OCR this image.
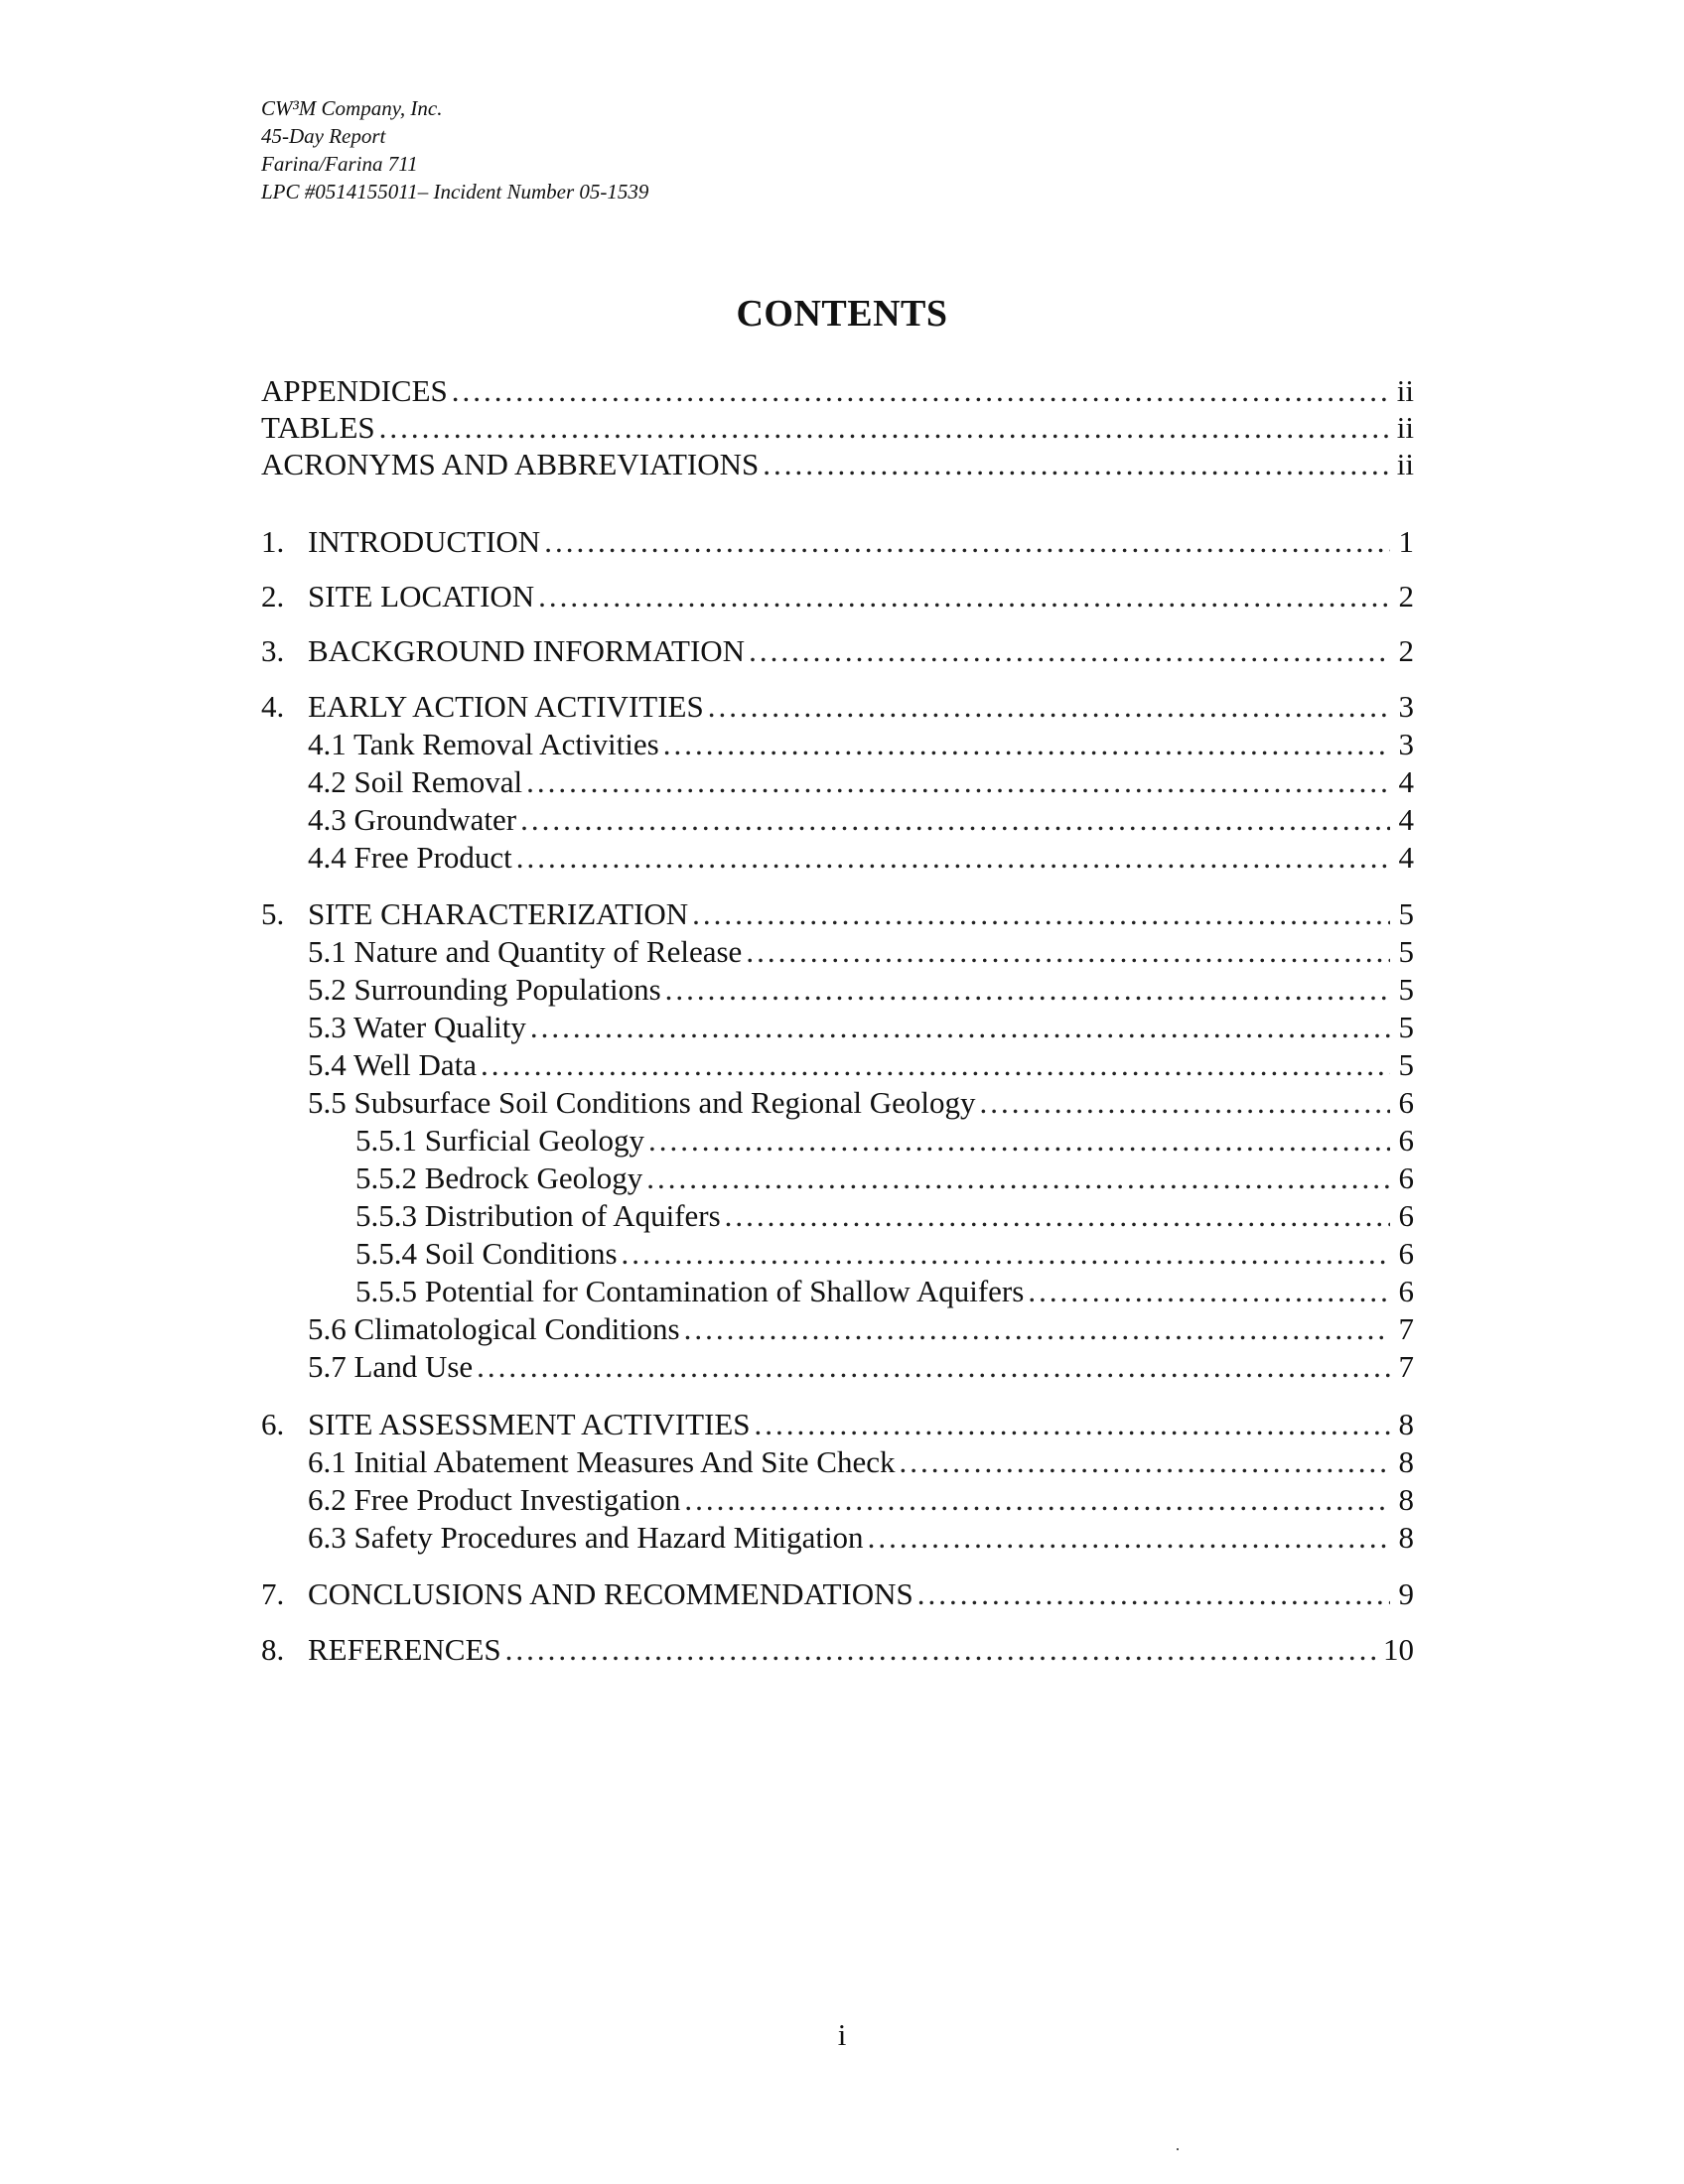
CW³M Company, Inc.
45-Day Report
Farina/Farina 711
LPC #0514155011– Incident Number 05-1539
CONTENTS
APPENDICES .....	ii
TABLES .....	ii
ACRONYMS AND ABBREVIATIONS .....	ii
1. INTRODUCTION .....	1
2. SITE LOCATION .....	2
3. BACKGROUND INFORMATION .....	2
4. EARLY ACTION ACTIVITIES .....	3
4.1 Tank Removal Activities .....	3
4.2 Soil Removal .....	4
4.3 Groundwater .....	4
4.4 Free Product .....	4
5. SITE CHARACTERIZATION .....	5
5.1 Nature and Quantity of Release .....	5
5.2 Surrounding Populations .....	5
5.3 Water Quality .....	5
5.4 Well Data .....	5
5.5 Subsurface Soil Conditions and Regional Geology .....	6
5.5.1 Surficial Geology .....	6
5.5.2 Bedrock Geology .....	6
5.5.3 Distribution of Aquifers .....	6
5.5.4 Soil Conditions .....	6
5.5.5 Potential for Contamination of Shallow Aquifers .....	6
5.6 Climatological Conditions .....	7
5.7 Land Use .....	7
6. SITE ASSESSMENT ACTIVITIES .....	8
6.1 Initial Abatement Measures And Site Check .....	8
6.2 Free Product Investigation .....	8
6.3 Safety Procedures and Hazard Mitigation .....	8
7. CONCLUSIONS AND RECOMMENDATIONS .....	9
8. REFERENCES .....	10
i
